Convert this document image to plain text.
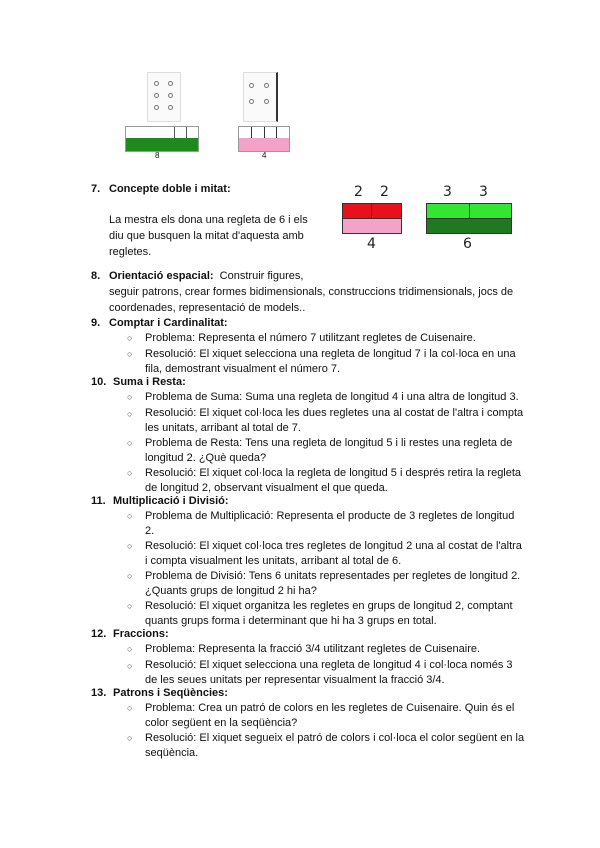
8	4
7. Concepte doble i mitat:
La mestra els dona una regleta de 6 i els
diu que busquen la mitat d'aquesta amb
regletes.
2 2
4
3 3
6
8. Orientació espacial: Construir figures,
seguir patrons, crear formes bidimensionals, construccions tridimensionals, jocs de
coordenades, representació de models..
9. Comptar i Cardinalitat:
○	Problema: Representa el número 7 utilitzant regletes de Cuisenaire.
○	Resolució: El xiquet selecciona una regleta de longitud 7 i la col·loca en una
fila, demostrant visualment el número 7.
10. Suma i Resta:
○	Problema de Suma: Suma una regleta de longitud 4 i una altra de longitud 3.
○	Resolució: El xiquet col·loca les dues regletes una al costat de l'altra i compta
les unitats, arribant al total de 7.
○	Problema de Resta: Tens una regleta de longitud 5 i li restes una regleta de
longitud 2. ¿Què queda?
○	Resolució: El xiquet col·loca la regleta de longitud 5 i després retira la regleta
de longitud 2, observant visualment el que queda.
11. Multiplicació i Divisió:
○	Problema de Multiplicació: Representa el producte de 3 regletes de longitud
2.
○	Resolució: El xiquet col·loca tres regletes de longitud 2 una al costat de l'altra
i compta visualment les unitats, arribant al total de 6.
○	Problema de Divisió: Tens 6 unitats representades per regletes de longitud 2.
¿Quants grups de longitud 2 hi ha?
○	Resolució: El xiquet organitza les regletes en grups de longitud 2, comptant
quants grups forma i determinant que hi ha 3 grups en total.
12. Fraccions:
○	Problema: Representa la fracció 3/4 utilitzant regletes de Cuisenaire.
○	Resolució: El xiquet selecciona una regleta de longitud 4 i col·loca només 3
de les seues unitats per representar visualment la fracció 3/4.
13. Patrons i Seqüències:
○	Problema: Crea un patró de colors en les regletes de Cuisenaire. Quin és el
color següent en la seqüència?
○	Resolució: El xiquet segueix el patró de colors i col·loca el color següent en la
seqüència.
